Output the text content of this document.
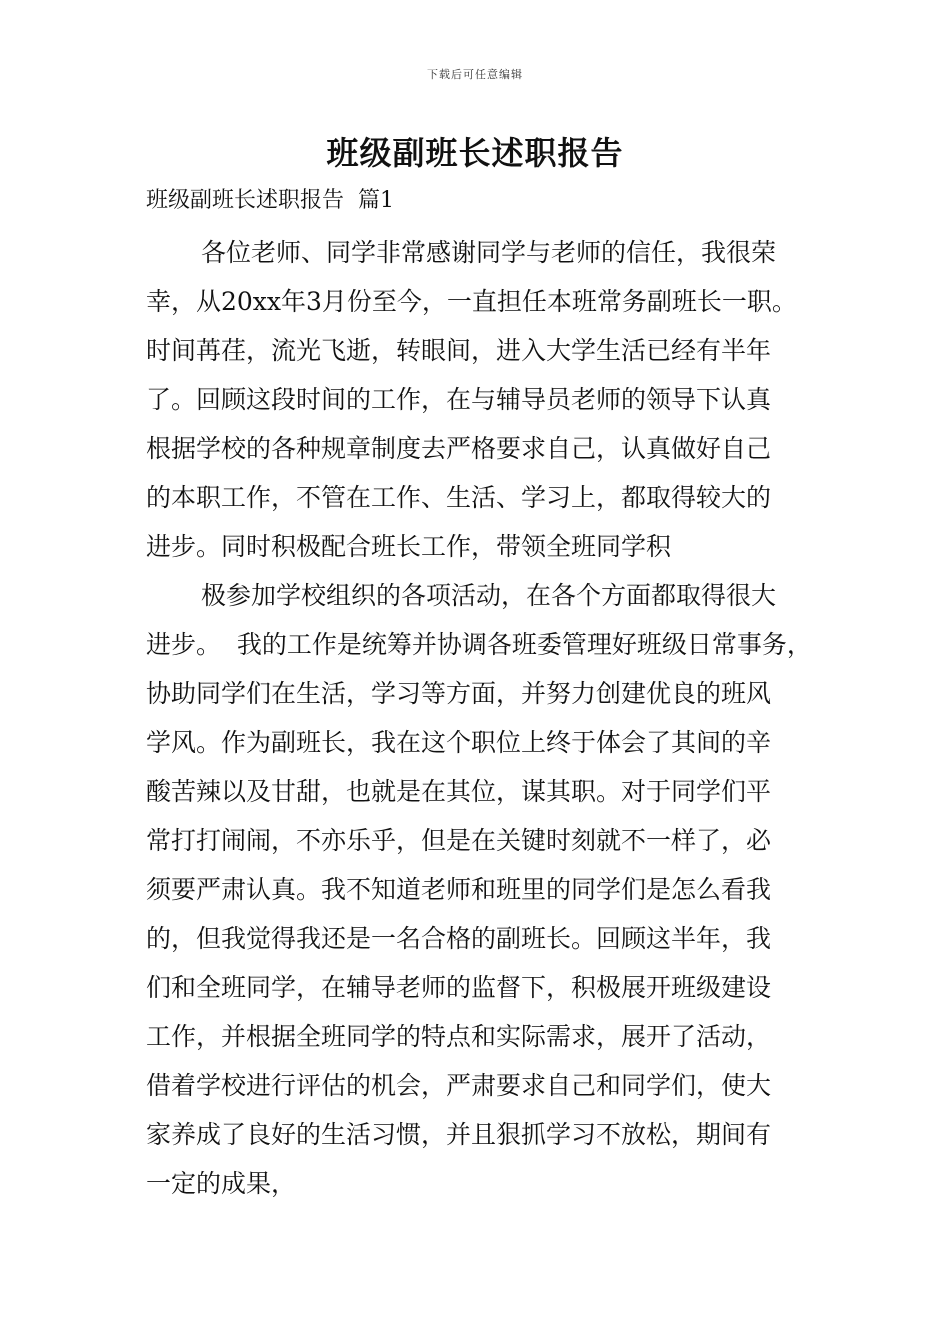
下载后可任意编辑
班级副班长述职报告
班级副班长述职报告  篇1
各位老师、同学非常感谢同学与老师的信任，我很荣
幸，从20xx年3月份至今，一直担任本班常务副班长一职。
时间苒荏，流光飞逝，转眼间，进入大学生活已经有半年
了。回顾这段时间的工作，在与辅导员老师的领导下认真
根据学校的各种规章制度去严格要求自己，认真做好自己
的本职工作，不管在工作、生活、学习上，都取得较大的
进步。同时积极配合班长工作，带领全班同学积
极参加学校组织的各项活动，在各个方面都取得很大
进步。  我的工作是统筹并协调各班委管理好班级日常事务，
协助同学们在生活，学习等方面，并努力创建优良的班风
学风。作为副班长，我在这个职位上终于体会了其间的辛
酸苦辣以及甘甜，也就是在其位，谋其职。对于同学们平
常打打闹闹，不亦乐乎，但是在关键时刻就不一样了，必
须要严肃认真。我不知道老师和班里的同学们是怎么看我
的，但我觉得我还是一名合格的副班长。回顾这半年，我
们和全班同学，在辅导老师的监督下，积极展开班级建设
工作，并根据全班同学的特点和实际需求，展开了活动，
借着学校进行评估的机会，严肃要求自己和同学们，使大
家养成了良好的生活习惯，并且狠抓学习不放松，期间有
一定的成果，
